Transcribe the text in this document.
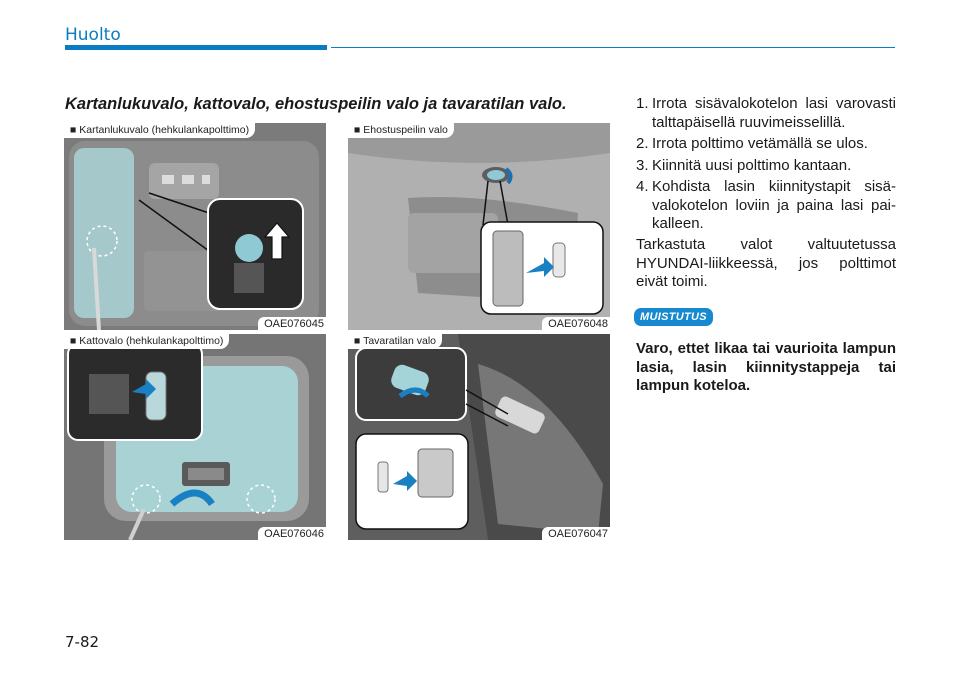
Huolto
Kartanlukuvalo, kattovalo, ehostuspeilin valo ja tavaratilan valo.
■ Kartanlukuvalo (hehkulankapolttimo)
OAE076045
■ Ehostuspeilin valo
OAE076048
■ Kattovalo (hehkulankapolttimo)
OAE076046
■ Tavaratilan valo
OAE076047
1. Irrota sisävalokotelon lasi varovasti talttapäisellä ruuvimeisselillä.
2. Irrota polttimo vetämällä se ulos.
3. Kiinnitä uusi polttimo kantaan.
4. Kohdista lasin kiinnitystapit sisävalokotelon loviin ja paina lasi paikalleen.
Tarkastuta valot valtuutetussa HYUNDAI-liikkeessä, jos polttimot eivät toimi.
MUISTUTUS
Varo, ettet likaa tai vaurioita lampun lasia, lasin kiinnitystappeja tai lampun koteloa.
7-82
